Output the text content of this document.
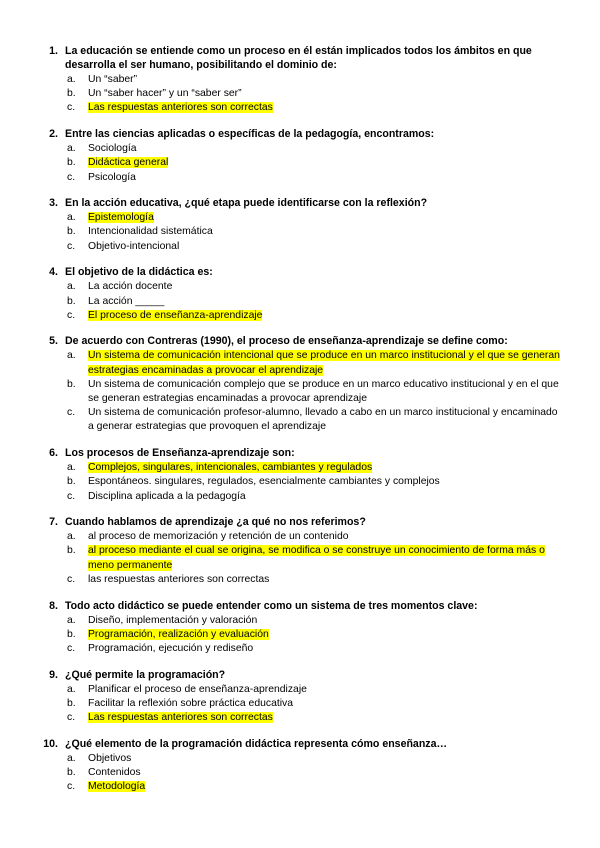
1. La educación se entiende como un proceso en él están implicados todos los ámbitos en que desarrolla el ser humano, posibilitando el dominio de:
a.	Un “saber”
b.	Un “saber hacer” y un “saber ser”
c.	Las respuestas anteriores son correctas
2. Entre las ciencias aplicadas o específicas de la pedagogía, encontramos:
a.	Sociología
b.	Didáctica general
c.	Psicología
3. En la acción educativa, ¿qué etapa puede identificarse con la reflexión?
a.	Epistemología
b.	Intencionalidad sistemática
c.	Objetivo-intencional
4. El objetivo de la didáctica es:
a.	La acción docente
b.	La acción _____
c.	El proceso de enseñanza-aprendizaje
5. De acuerdo con Contreras (1990), el proceso de enseñanza-aprendizaje se define como:
a.	Un sistema de comunicación intencional que se produce en un marco institucional y el que se generan estrategias encaminadas a provocar el aprendizaje
b.	Un sistema de comunicación complejo que se produce en un marco educativo institucional y en el que se generan estrategias encaminadas a provocar aprendizaje
c.	Un sistema de comunicación profesor-alumno, llevado a cabo en un marco institucional y encaminado a generar estrategias que provoquen el aprendizaje
6. Los procesos de Enseñanza-aprendizaje son:
a.	Complejos, singulares, intencionales, cambiantes y regulados
b.	Espontáneos. singulares, regulados, esencialmente cambiantes y complejos
c.	Disciplina aplicada a la pedagogía
7. Cuando hablamos de aprendizaje ¿a qué no nos referimos?
a.	al proceso de memorización y retención de un contenido
b.	al proceso mediante el cual se origina, se modifica o se construye un conocimiento de forma más o meno permanente
c.	las respuestas anteriores son correctas
8. Todo acto didáctico se puede entender como un sistema de tres momentos clave:
a.	Diseño, implementación y valoración
b.	Programación, realización y evaluación
c.	Programación, ejecución y rediseño
9. ¿Qué permite la programación?
a.	Planificar el proceso de enseñanza-aprendizaje
b.	Facilitar la reflexión sobre práctica educativa
c.	Las respuestas anteriores son correctas
10. ¿Qué elemento de la programación didáctica representa cómo enseñanza…
a.	Objetivos
b.	Contenidos
c.	Metodología
